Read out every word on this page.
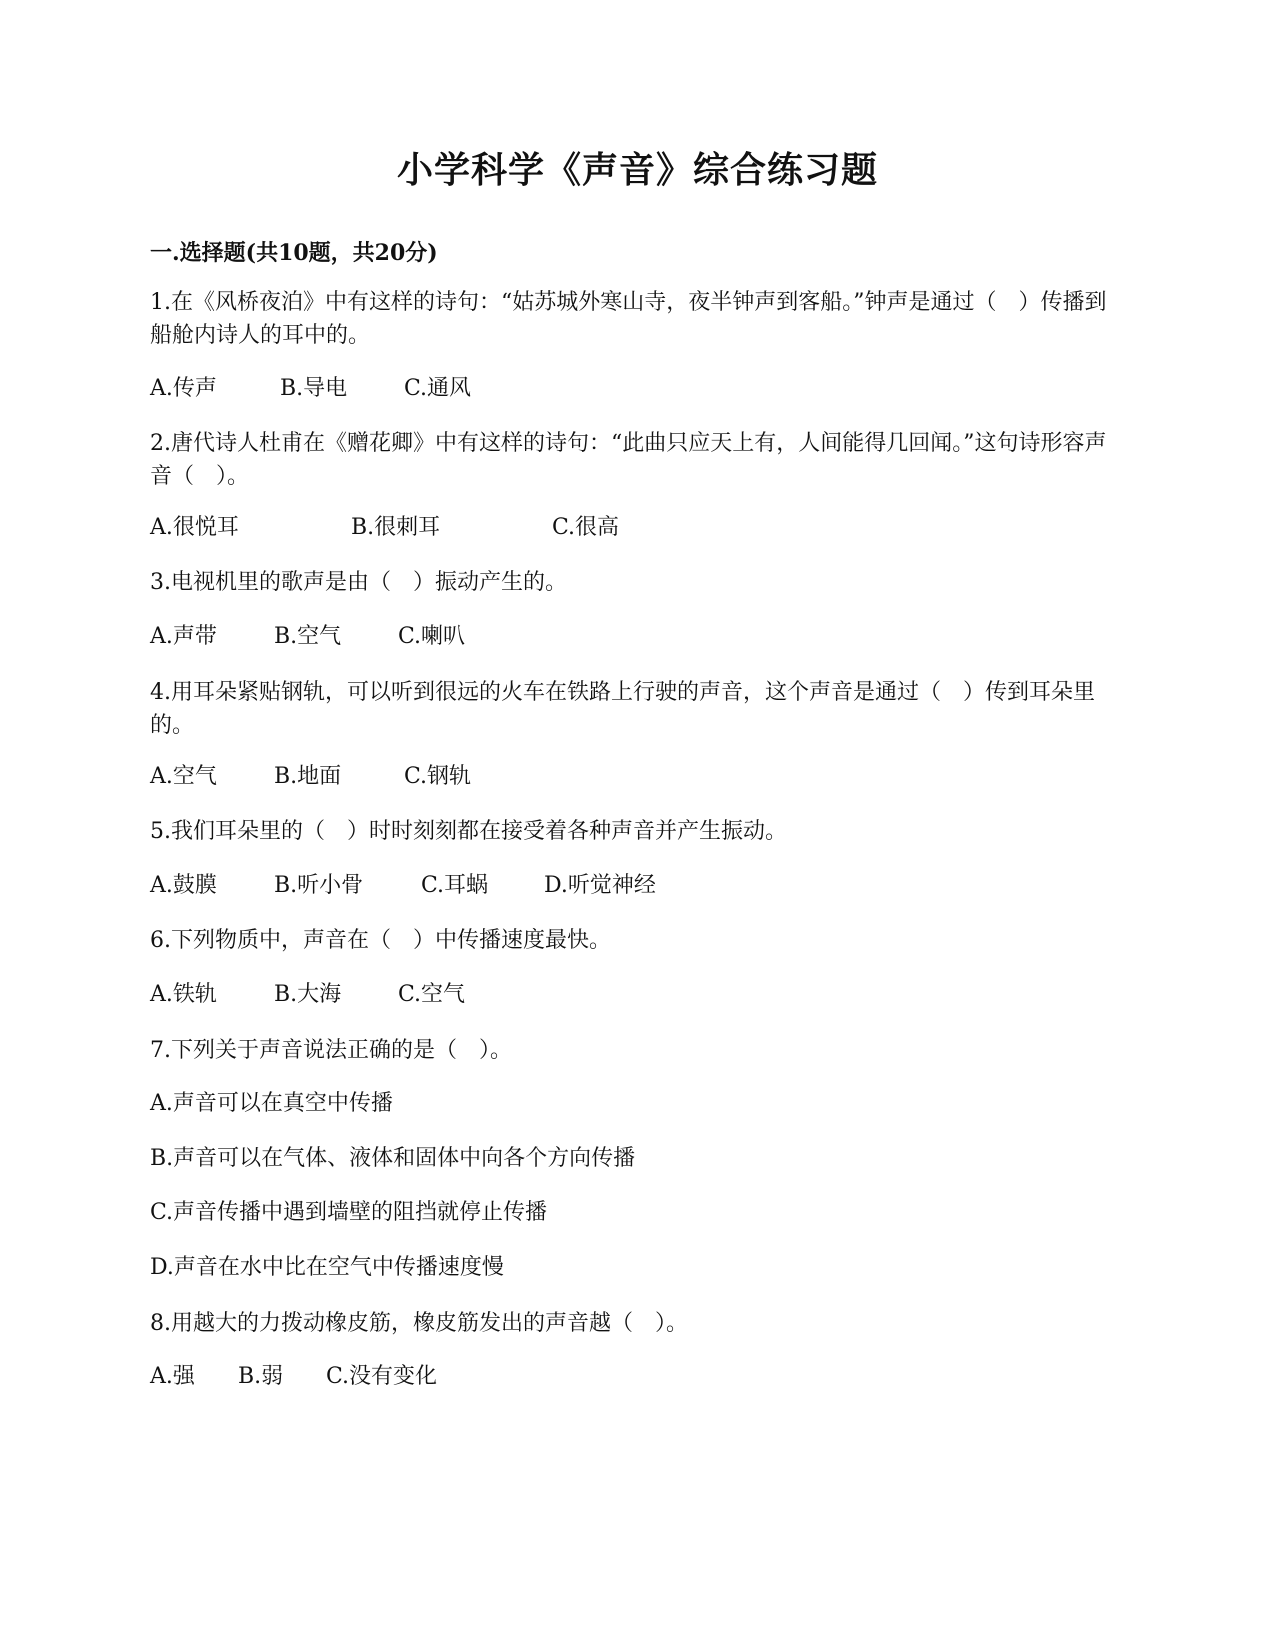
小学科学《声音》综合练习题
一.选择题(共10题，共20分)
1.在《风桥夜泊》中有这样的诗句：“姑苏城外寒山寺，夜半钟声到客船。”钟声是通过（　）传播到船舱内诗人的耳中的。
A.传声	B.导电	C.通风
2.唐代诗人杜甫在《赠花卿》中有这样的诗句：“此曲只应天上有，人间能得几回闻。”这句诗形容声音（　）。
A.很悦耳	B.很刺耳	C.很高
3.电视机里的歌声是由（　）振动产生的。
A.声带	B.空气	C.喇叭
4.用耳朵紧贴钢轨，可以听到很远的火车在铁路上行驶的声音，这个声音是通过（　）传到耳朵里的。
A.空气	B.地面	C.钢轨
5.我们耳朵里的（　）时时刻刻都在接受着各种声音并产生振动。
A.鼓膜	B.听小骨	C.耳蜗	D.听觉神经
6.下列物质中，声音在（　）中传播速度最快。
A.铁轨	B.大海	C.空气
7.下列关于声音说法正确的是（　）。
A.声音可以在真空中传播
B.声音可以在气体、液体和固体中向各个方向传播
C.声音传播中遇到墙壁的阻挡就停止传播
D.声音在水中比在空气中传播速度慢
8.用越大的力拨动橡皮筋，橡皮筋发出的声音越（　）。
A.强 B.弱 C.没有变化
